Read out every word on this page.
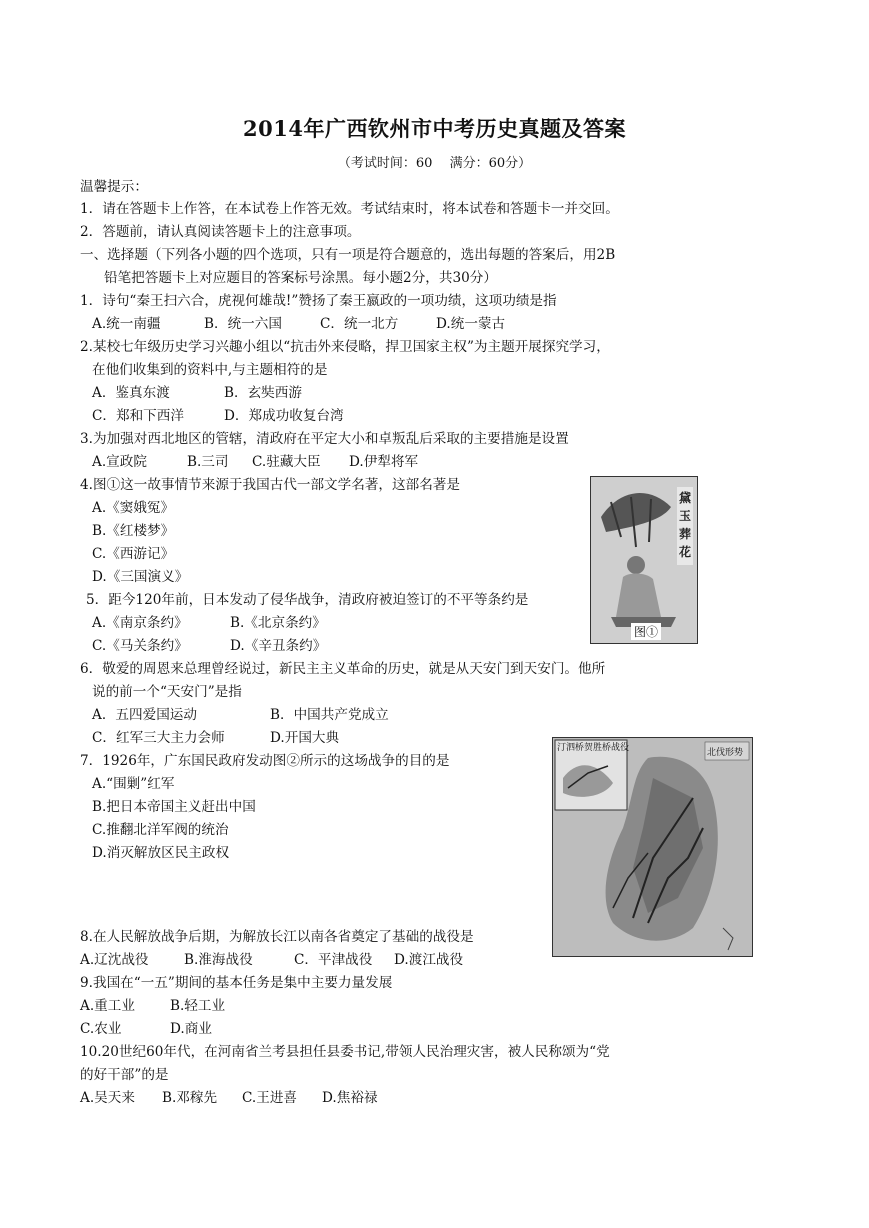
2014年广西钦州市中考历史真题及答案
（考试时间：60　 满分：60分）
温馨提示：
1．请在答题卡上作答，在本试卷上作答无效。考试结束时，将本试卷和答题卡一并交回。
2．答题前，请认真阅读答题卡上的注意事项。
一、选择题（下列各小题的四个选项，只有一项是符合题意的，选出每题的答案后，用2B
铅笔把答题卡上对应题目的答案标号涂黑。每小题2分，共30分）
1．诗句“秦王扫六合，虎视何雄哉!”赞扬了秦王嬴政的一项功绩，这项功绩是指
A.统一南疆	B．统一六国	C．统一北方	D.统一蒙古
2.某校七年级历史学习兴趣小组以“抗击外来侵略，捍卫国家主权”为主题开展探究学习，
在他们收集到的资料中,与主题相符的是
A．鉴真东渡	B．玄奘西游
C．郑和下西洋	D．郑成功收复台湾
3.为加强对西北地区的管辖，清政府在平定大小和卓叛乱后采取的主要措施是设置
A.宣政院	B.三司 C.驻藏大臣 D.伊犁将军
4.图①这一故事情节来源于我国古代一部文学名著，这部名著是
A.《窦娥冤》
B.《红楼梦》
C.《西游记》
D.《三国演义》
5．距今120年前，日本发动了侵华战争，清政府被迫签订的不平等条约是
A.《南京条约》	B.《北京条约》
C.《马关条约》	D.《辛丑条约》
黛玉葬花
图①
6．敬爱的周恩来总理曾经说过，新民主主义革命的历史，就是从天安门到天安门。他所
说的前一个“天安门”是指
A．五四爱国运动	B．中国共产党成立
C．红军三大主力会师	D.开国大典
7．1926年，广东国民政府发动图②所示的这场战争的目的是
A.“围剿”红军
B.把日本帝国主义赶出中国
C.推翻北洋军阀的统治
D.消灭解放区民主政权
汀泗桥贺胜桥战役	北伐形势
8.在人民解放战争后期，为解放长江以南各省奠定了基础的战役是
A.辽沈战役	B.淮海战役	C．平津战役 D.渡江战役
9.我国在“一五”期间的基本任务是集中主要力量发展
A.重工业	B.轻工业
C.农业	D.商业
10.20世纪60年代，在河南省兰考县担任县委书记,带领人民治理灾害，被人民称颂为“党
的好干部”的是
A.吴天来 B.邓稼先 C.王进喜 D.焦裕禄
